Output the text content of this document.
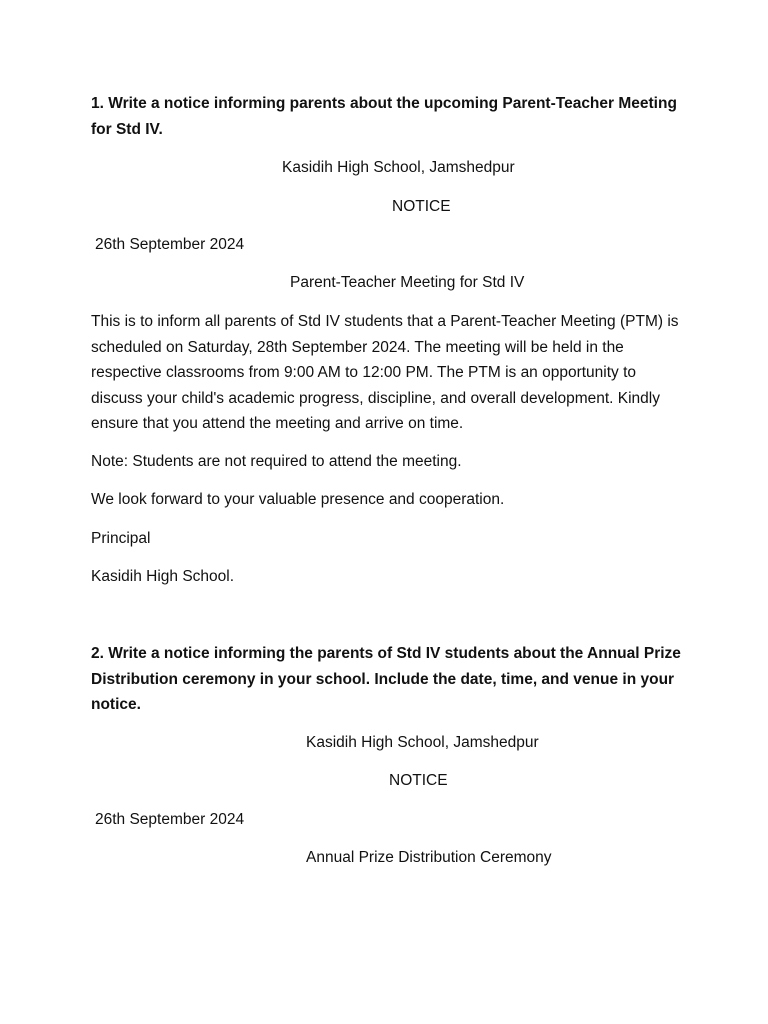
1. Write a notice informing parents about the upcoming Parent-Teacher Meeting for Std IV.

Kasidih High School, Jamshedpur

NOTICE

26th September 2024

Parent-Teacher Meeting for Std IV

This is to inform all parents of Std IV students that a Parent-Teacher Meeting (PTM) is scheduled on Saturday, 28th September 2024. The meeting will be held in the respective classrooms from 9:00 AM to 12:00 PM. The PTM is an opportunity to discuss your child's academic progress, discipline, and overall development. Kindly ensure that you attend the meeting and arrive on time.

Note: Students are not required to attend the meeting.

We look forward to your valuable presence and cooperation.

Principal

Kasidih High School.

2. Write a notice informing the parents of Std IV students about the Annual Prize Distribution ceremony in your school. Include the date, time, and venue in your notice.

Kasidih High School, Jamshedpur

NOTICE

26th September 2024

Annual Prize Distribution Ceremony
